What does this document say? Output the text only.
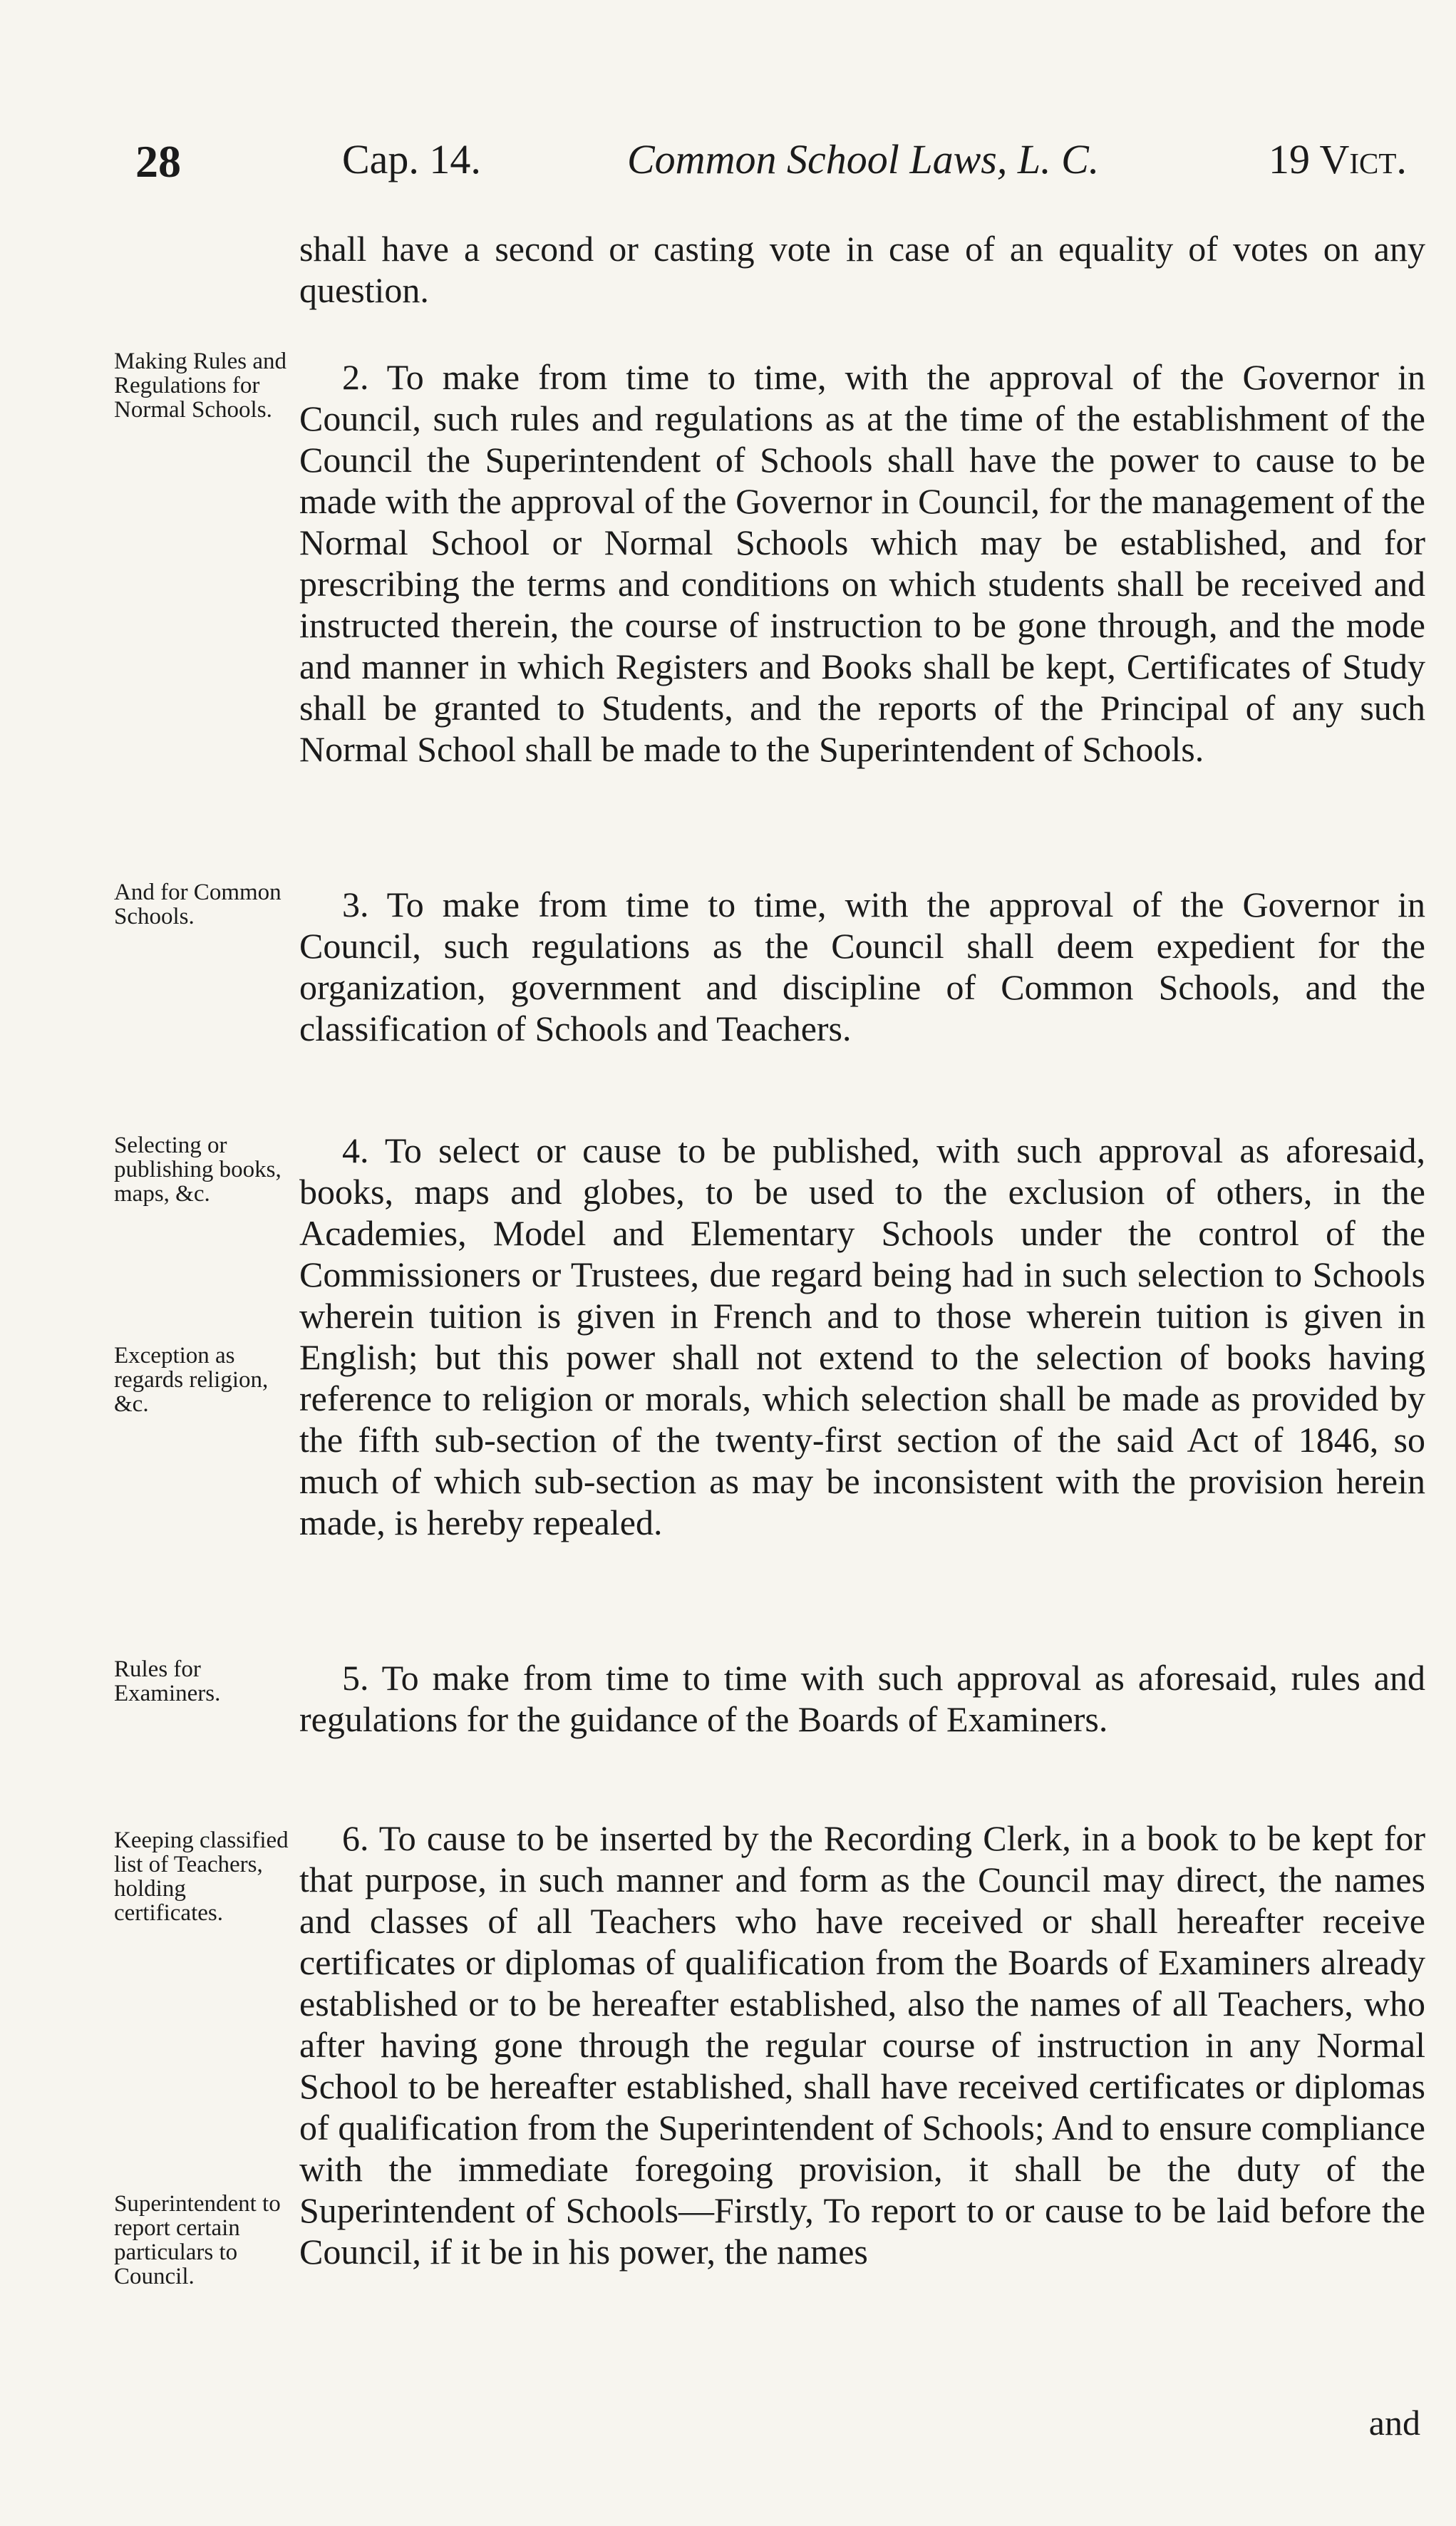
28	Cap. 14.	Common School Laws, L. C.	19 Vict.

shall have a second or casting vote in case of an equality of votes on any question.

2. To make from time to time, with the approval of the Governor in Council, such rules and regulations as at the time of the establishment of the Council the Superintendent of Schools shall have the power to cause to be made with the approval of the Governor in Council, for the management of the Normal School or Normal Schools which may be established, and for prescribing the terms and conditions on which students shall be received and instructed therein, the course of instruction to be gone through, and the mode and manner in which Registers and Books shall be kept, Certificates of Study shall be granted to Students, and the reports of the Principal of any such Normal School shall be made to the Superintendent of Schools.

3. To make from time to time, with the approval of the Governor in Council, such regulations as the Council shall deem expedient for the organization, government and discipline of Common Schools, and the classification of Schools and Teachers.

4. To select or cause to be published, with such approval as aforesaid, books, maps and globes, to be used to the exclusion of others, in the Academies, Model and Elementary Schools under the control of the Commissioners or Trustees, due regard being had in such selection to Schools wherein tuition is given in French and to those wherein tuition is given in English; but this power shall not extend to the selection of books having reference to religion or morals, which selection shall be made as provided by the fifth sub-section of the twenty-first section of the said Act of 1846, so much of which sub-section as may be inconsistent with the provision herein made, is hereby repealed.

5. To make from time to time with such approval as aforesaid, rules and regulations for the guidance of the Boards of Examiners.

6. To cause to be inserted by the Recording Clerk, in a book to be kept for that purpose, in such manner and form as the Council may direct, the names and classes of all Teachers who have received or shall hereafter receive certificates or diplomas of qualification from the Boards of Examiners already established or to be hereafter established, also the names of all Teachers, who after having gone through the regular course of instruction in any Normal School to be hereafter established, shall have received certificates or diplomas of qualification from the Superintendent of Schools; And to ensure compliance with the immediate foregoing provision, it shall be the duty of the Superintendent of Schools—Firstly, To report to or cause to be laid before the Council, if it be in his power, the names

and
Making Rules and Regulations for Normal Schools.
And for Common Schools.
Selecting or publishing books, maps, &c.
Exception as regards religion, &c.
Rules for Examiners.
Keeping classified list of Teachers, holding certificates.
Superintendent to report certain particulars to Council.
